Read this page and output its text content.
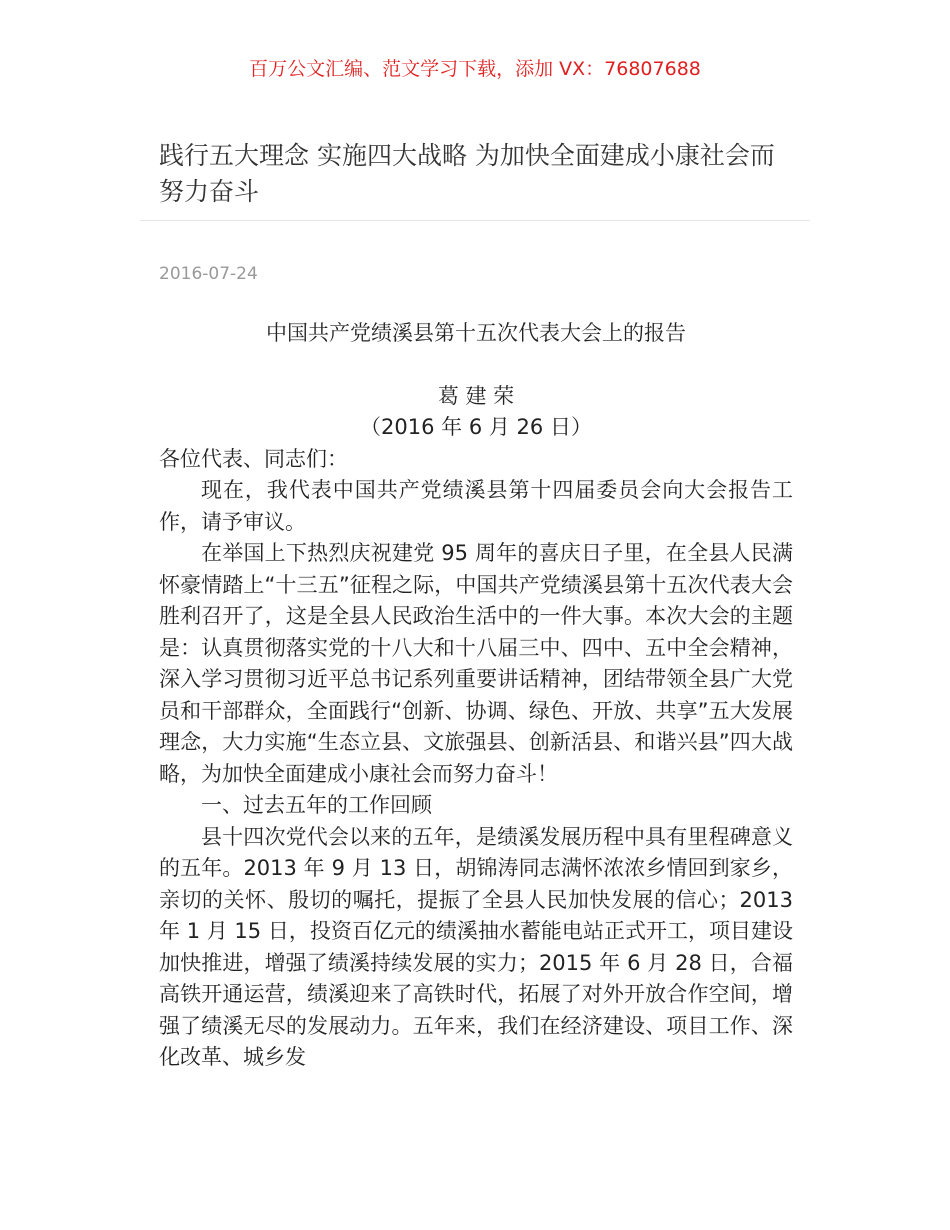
百万公文汇编、范文学习下载，添加 VX：76807688
践行五大理念 实施四大战略 为加快全面建成小康社会而努力奋斗
2016-07-24

中国共产党绩溪县第十五次代表大会上的报告

葛 建 荣

（2016 年 6 月 26 日）

各位代表、同志们：

现在，我代表中国共产党绩溪县第十四届委员会向大会报告工作，请予审议。

在举国上下热烈庆祝建党 95 周年的喜庆日子里，在全县人民满怀豪情踏上“十三五”征程之际，中国共产党绩溪县第十五次代表大会胜利召开了，这是全县人民政治生活中的一件大事。本次大会的主题是：认真贯彻落实党的十八大和十八届三中、四中、五中全会精神，深入学习贯彻习近平总书记系列重要讲话精神，团结带领全县广大党员和干部群众，全面践行“创新、协调、绿色、开放、共享”五大发展理念，大力实施“生态立县、文旅强县、创新活县、和谐兴县”四大战略，为加快全面建成小康社会而努力奋斗！

一、过去五年的工作回顾

县十四次党代会以来的五年，是绩溪发展历程中具有里程碑意义的五年。2013 年 9 月 13 日，胡锦涛同志满怀浓浓乡情回到家乡，亲切的关怀、殷切的嘱托，提振了全县人民加快发展的信心；2013 年 1 月 15 日，投资百亿元的绩溪抽水蓄能电站正式开工，项目建设加快推进，增强了绩溪持续发展的实力；2015 年 6 月 28 日，合福高铁开通运营，绩溪迎来了高铁时代，拓展了对外开放合作空间，增强了绩溪无尽的发展动力。五年来，我们在经济建设、项目工作、深化改革、城乡发
